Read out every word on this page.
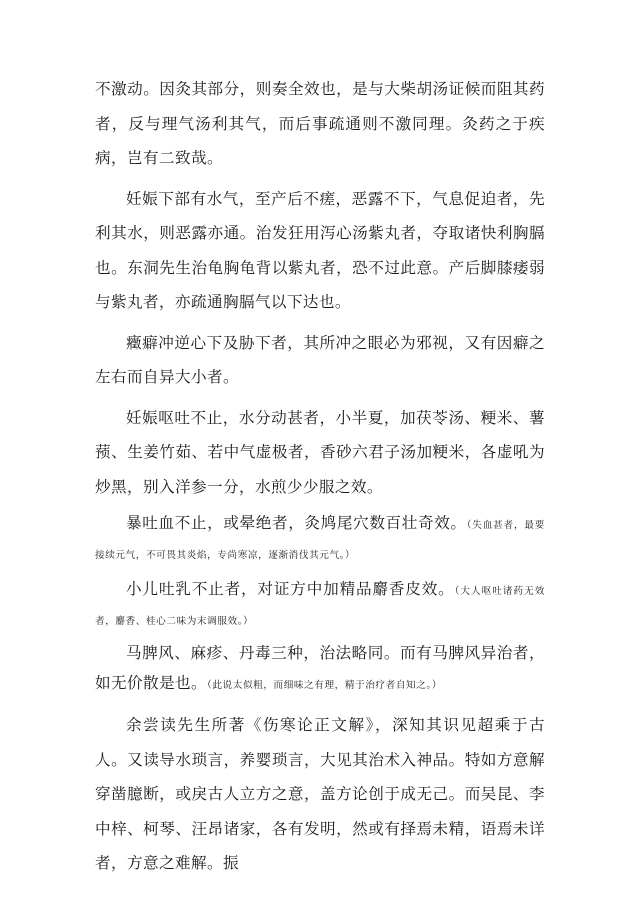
不激动。因灸其部分，则奏全效也，是与大柴胡汤证候而阻其药者，反与理气汤利其气，而后事疏通则不激同理。灸药之于疾病，岂有二致哉。

妊娠下部有水气，至产后不瘥，恶露不下，气息促迫者，先利其水，则恶露亦通。治发狂用泻心汤紫丸者，夺取诸快利胸膈也。东洞先生治龟胸龟背以紫丸者，恐不过此意。产后脚膝痿弱与紫丸者，亦疏通胸膈气以下达也。

癥癖冲逆心下及胁下者，其所冲之眼必为邪视，又有因癖之左右而自异大小者。

妊娠呕吐不止，水分动甚者，小半夏，加茯苓汤、粳米、薯蓣、生姜竹茹、若中气虚极者，香砂六君子汤加粳米，各虚吼为炒黑，别入洋参一分，水煎少少服之效。

暴吐血不止，或晕绝者，灸鸠尾穴数百壮奇效。（失血甚者，最要接续元气，不可畏其炎焰，专尚寒凉，逐渐消伐其元气。）

小儿吐乳不止者，对证方中加精品麝香皮效。（大人呕吐诸药无效者，麝香、桂心二味为末调服效。）

马脾风、麻疹、丹毒三种，治法略同。而有马脾风异治者，如无价散是也。（此说太似粗，而细味之有理，精于治疗者自知之。）

余尝读先生所著《伤寒论正文解》，深知其识见超乘于古人。又读导水琐言，养婴琐言，大见其治术入神品。特如方意解穿凿臆断，或戾古人立方之意，盖方论创于成无己。而吴昆、李中梓、柯琴、汪昂诸家，各有发明，然或有择焉未精，语焉未详者，方意之难解。振
